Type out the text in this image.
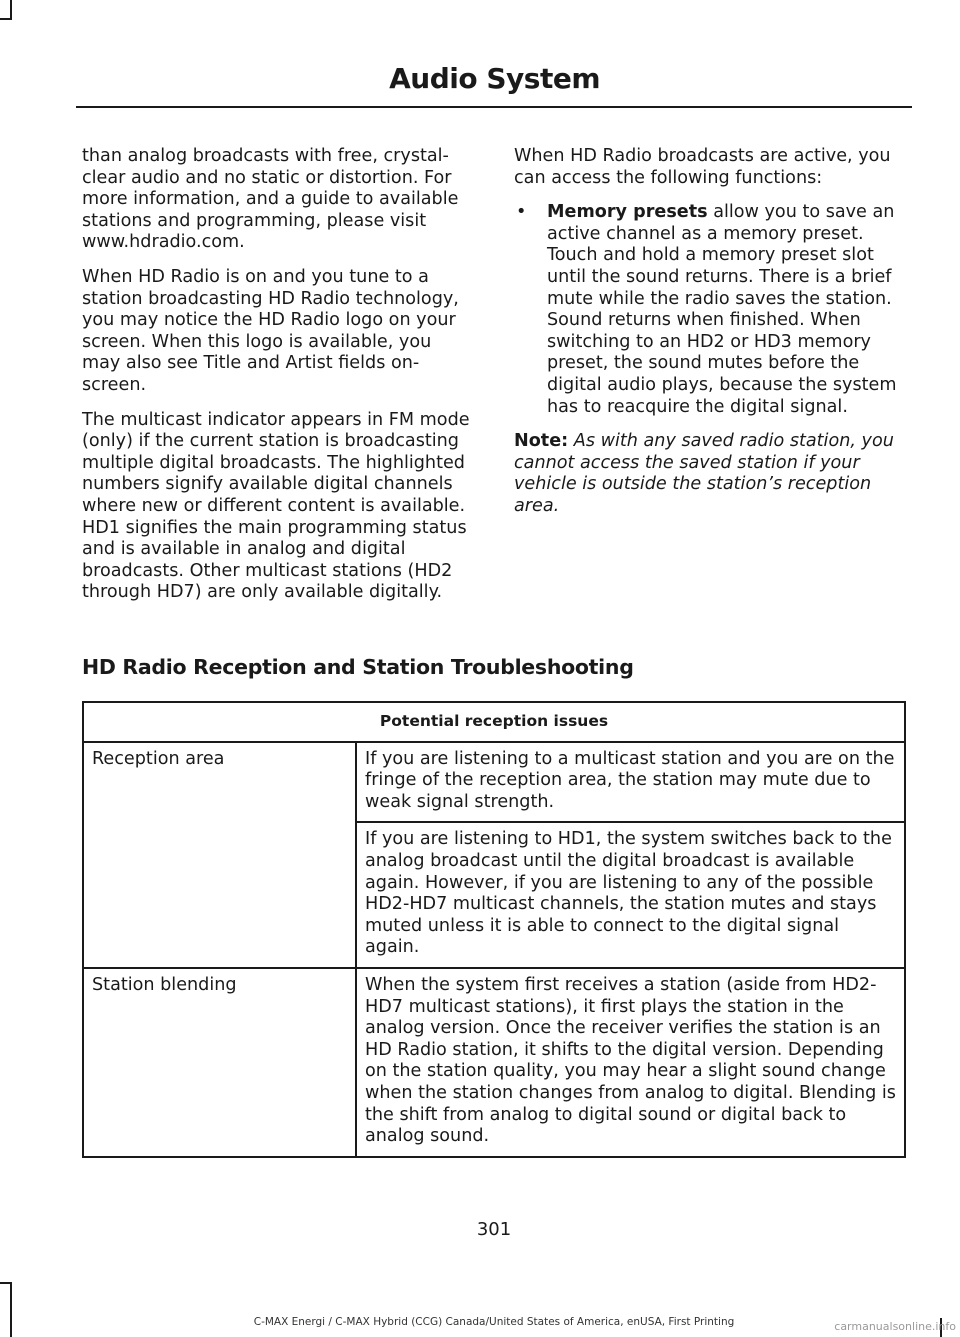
Audio System

than analog broadcasts with free, crystal-clear audio and no static or distortion. For more information, and a guide to available stations and programming, please visit www.hdradio.com.

When HD Radio is on and you tune to a station broadcasting HD Radio technology, you may notice the HD Radio logo on your screen. When this logo is available, you may also see Title and Artist fields on-screen.

The multicast indicator appears in FM mode (only) if the current station is broadcasting multiple digital broadcasts. The highlighted numbers signify available digital channels where new or different content is available. HD1 signifies the main programming status and is available in analog and digital broadcasts. Other multicast stations (HD2 through HD7) are only available digitally.

When HD Radio broadcasts are active, you can access the following functions:

• Memory presets allow you to save an active channel as a memory preset. Touch and hold a memory preset slot until the sound returns. There is a brief mute while the radio saves the station. Sound returns when finished. When switching to an HD2 or HD3 memory preset, the sound mutes before the digital audio plays, because the system has to reacquire the digital signal.

Note: As with any saved radio station, you cannot access the saved station if your vehicle is outside the station’s reception area.

HD Radio Reception and Station Troubleshooting
Potential reception issues	
Reception area	If you are listening to a multicast station and you are on the fringe of the reception area, the station may mute due to weak signal strength.
	If you are listening to HD1, the system switches back to the analog broadcast until the digital broadcast is available again. However, if you are listening to any of the possible HD2-HD7 multicast channels, the station mutes and stays muted unless it is able to connect to the digital signal again.
Station blending	When the system first receives a station (aside from HD2-HD7 multicast stations), it first plays the station in the analog version. Once the receiver verifies the station is an HD Radio station, it shifts to the digital version. Depending on the station quality, you may hear a slight sound change when the station changes from analog to digital. Blending is the shift from analog to digital sound or digital back to analog sound.
301
C-MAX Energi / C-MAX Hybrid (CCG) Canada/United States of America, enUSA, First Printing	carmanualsonline.info
